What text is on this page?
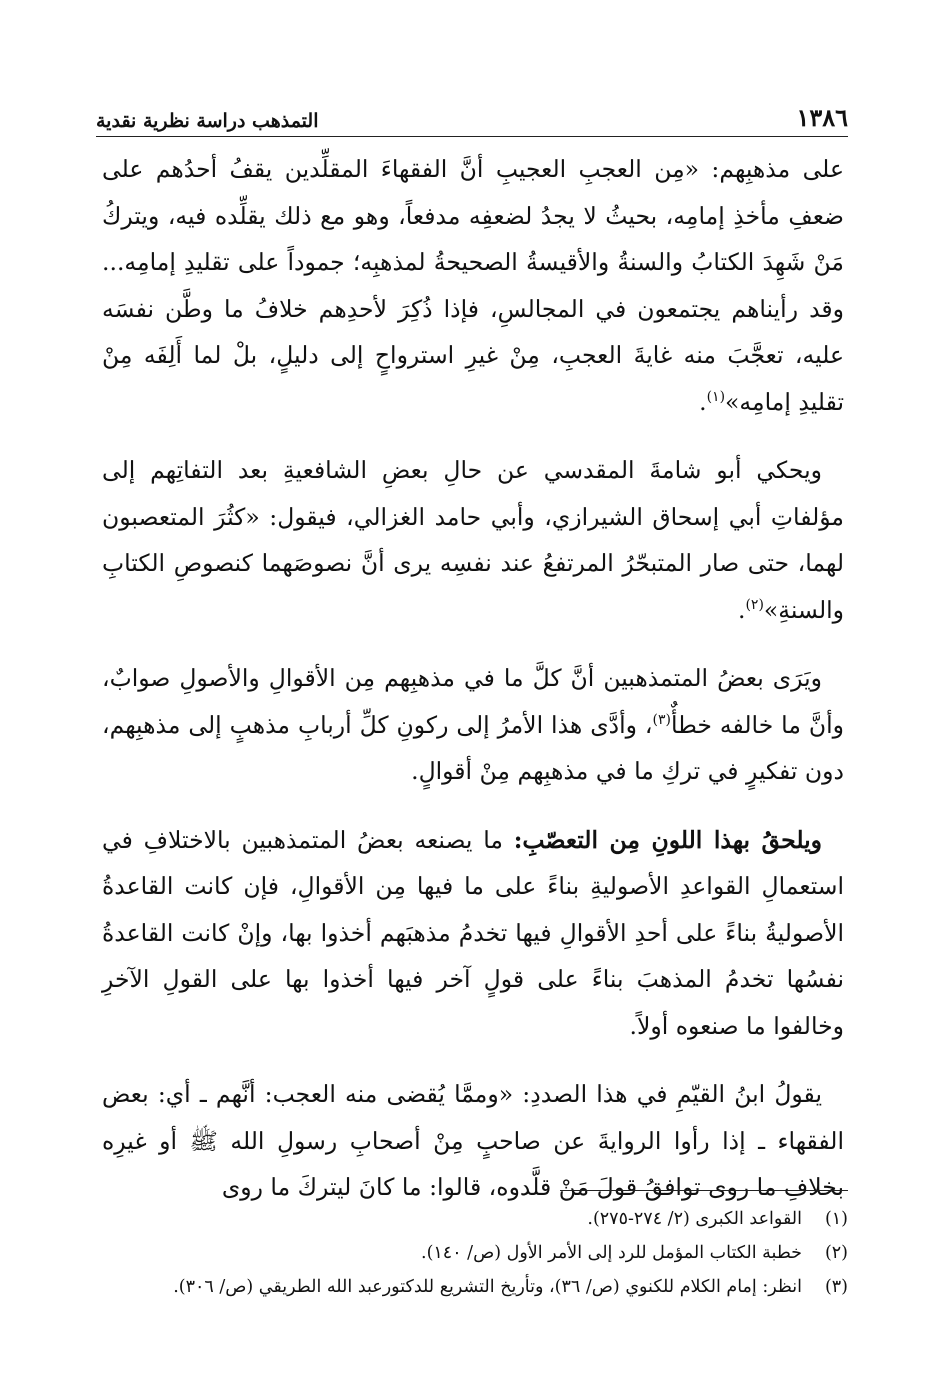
١٣٨٦
التمذهب دراسة نظرية نقدية

على مذهبِهم: «مِن العجبِ العجيبِ أنَّ الفقهاءَ المقلِّدين يقفُ أحدُهم على ضعفِ مأخذِ إمامِه، بحيثُ لا يجدُ لضعفِه مدفعاً، وهو مع ذلك يقلِّده فيه، ويتركُ مَنْ شَهِدَ الكتابُ والسنةُ والأقيسةُ الصحيحةُ لمذهبِه؛ جموداً على تقليدِ إمامِه... وقد رأيناهم يجتمعون في المجالسِ، فإذا ذُكِرَ لأحدِهم خلافُ ما وطَّن نفسَه عليه، تعجَّبَ منه غايةَ العجبِ، مِنْ غيرِ استرواحٍ إلى دليلٍ، بلْ لما أَلِفَه مِنْ تقليدِ إمامِه»$^{(١)}$.

ويحكي أبو شامةَ المقدسي عن حالِ بعضِ الشافعيةِ بعد التفاتِهم إلى مؤلفاتِ أبي إسحاق الشيرازي، وأبي حامد الغزالي، فيقول: «كثُرَ المتعصبون لهما، حتى صار المتبحّرُ المرتفعُ عند نفسِه يرى أنَّ نصوصَهما كنصوصِ الكتابِ والسنةِ»$^{(٢)}$.

ويَرَى بعضُ المتمذهبين أنَّ كلَّ ما في مذهبِهم مِن الأقوالِ والأصولِ صوابٌ، وأنَّ ما خالفه خطأٌ$^{(٣)}$، وأدَّى هذا الأمرُ إلى ركونِ كلِّ أربابِ مذهبٍ إلى مذهبِهم، دون تفكيرٍ في تركِ ما في مذهبِهم مِنْ أقوالٍ.

ويلحقُ بهذا اللونِ مِن التعصّبِ: ما يصنعه بعضُ المتمذهبين بالاختلافِ في استعمالِ القواعدِ الأصوليةِ بناءً على ما فيها مِن الأقوالِ، فإن كانت القاعدةُ الأصوليةُ بناءً على أحدِ الأقوالِ فيها تخدمُ مذهبَهم أخذوا بها، وإنْ كانت القاعدةُ نفسُها تخدمُ المذهبَ بناءً على قولٍ آخر فيها أخذوا بها على القولِ الآخرِ وخالفوا ما صنعوه أولاً.

يقولُ ابنُ القيّمِ في هذا الصددِ: «وممَّا يُقضى منه العجب: أنَّهم ـ أي: بعض الفقهاء ـ إذا رأوا الروايةَ عن صاحبٍ مِنْ أصحابِ رسولِ الله ﷺ أو غيرِه بخلافِ ما روى توافقُ قولَ مَنْ قلَّدوه، قالوا: ما كانَ ليتركَ ما روى

(١)
القواعد الكبرى (٢/ ٢٧٤-٢٧٥).
(٢)
خطبة الكتاب المؤمل للرد إلى الأمر الأول (ص/ ١٤٠).
(٣)
انظر: إمام الكلام للكنوي (ص/ ٣٦)، وتأريخ التشريع للدكتورعبد الله الطريقي (ص/ ٣٠٦).
